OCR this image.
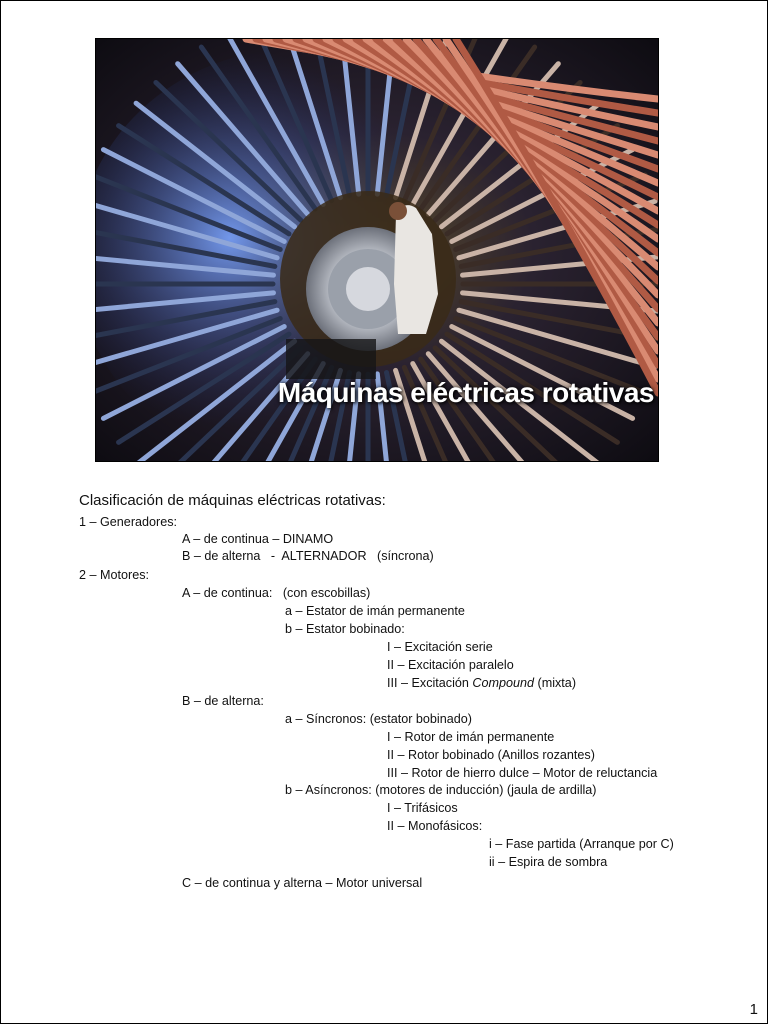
Máquinas eléctricas rotativas
Clasificación de máquinas eléctricas rotativas:
1 – Generadores:
A – de continua – DINAMO
B – de alterna   -  ALTERNADOR   (síncrona)
2 – Motores:
A – de continua:   (con escobillas)
a – Estator de imán permanente
b – Estator bobinado:
I – Excitación serie
II – Excitación paralelo
III – Excitación Compound (mixta)
B – de alterna:
a – Síncronos: (estator bobinado)
I – Rotor de imán permanente
II – Rotor bobinado (Anillos rozantes)
III – Rotor de hierro dulce – Motor de reluctancia
b – Asíncronos: (motores de inducción) (jaula de ardilla)
I – Trifásicos
II – Monofásicos:
i – Fase partida (Arranque por C)
ii – Espira de sombra
C – de continua y alterna – Motor universal
1
